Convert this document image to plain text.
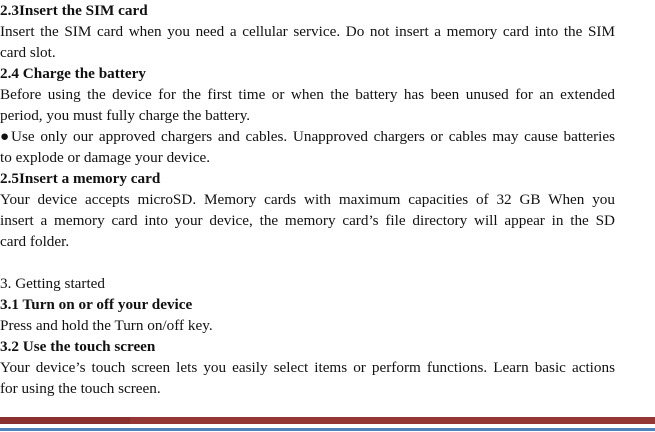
2.3Insert the SIM card
Insert the SIM card when you need a cellular service. Do not insert a memory card into the SIM
card slot.
2.4 Charge the battery
Before using the device for the first time or when the battery has been unused for an extended
period, you must fully charge the battery.
●Use only our approved chargers and cables. Unapproved chargers or cables may cause batteries
to explode or damage your device.
2.5Insert a memory card
Your device accepts microSD. Memory cards with maximum capacities of 32 GB When you
insert a memory card into your device, the memory card’s file directory will appear in the SD
card folder.
3. Getting started
3.1 Turn on or off your device
Press and hold the Turn on/off key.
3.2 Use the touch screen
Your device’s touch screen lets you easily select items or perform functions. Learn basic actions
for using the touch screen.
